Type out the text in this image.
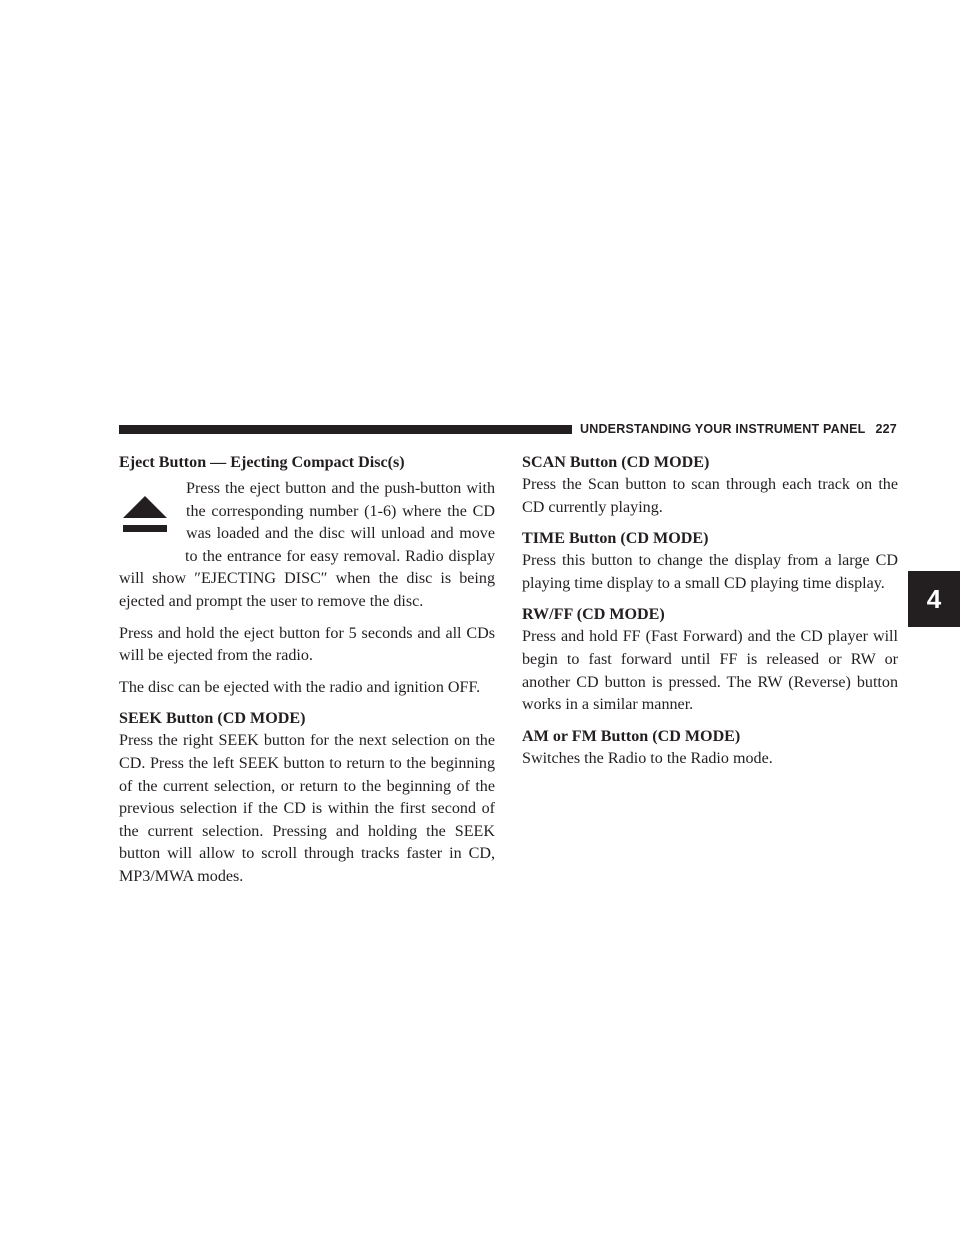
UNDERSTANDING YOUR INSTRUMENT PANEL 227
4
Eject Button — Ejecting Compact Disc(s)
Press the eject button and the push-button with
the corresponding number (1-6) where the CD
was loaded and the disc will unload and move
to the entrance for easy removal. Radio display

will show ″EJECTING DISC″ when the disc is being ejected and prompt the user to remove the disc.

Press and hold the eject button for 5 seconds and all CDs will be ejected from the radio.

The disc can be ejected with the radio and ignition OFF.

SEEK Button (CD MODE)

Press the right SEEK button for the next selection on the CD. Press the left SEEK button to return to the beginning of the current selection, or return to the beginning of the previous selection if the CD is within the first second of the current selection. Pressing and holding the SEEK button will allow to scroll through tracks faster in CD, MP3/MWA modes.

SCAN Button (CD MODE)

Press the Scan button to scan through each track on the CD currently playing.

TIME Button (CD MODE)

Press this button to change the display from a large CD playing time display to a small CD playing time display.

RW/FF (CD MODE)

Press and hold FF (Fast Forward) and the CD player will begin to fast forward until FF is released or RW or another CD button is pressed. The RW (Reverse) button works in a similar manner.

AM or FM Button (CD MODE)

Switches the Radio to the Radio mode.
